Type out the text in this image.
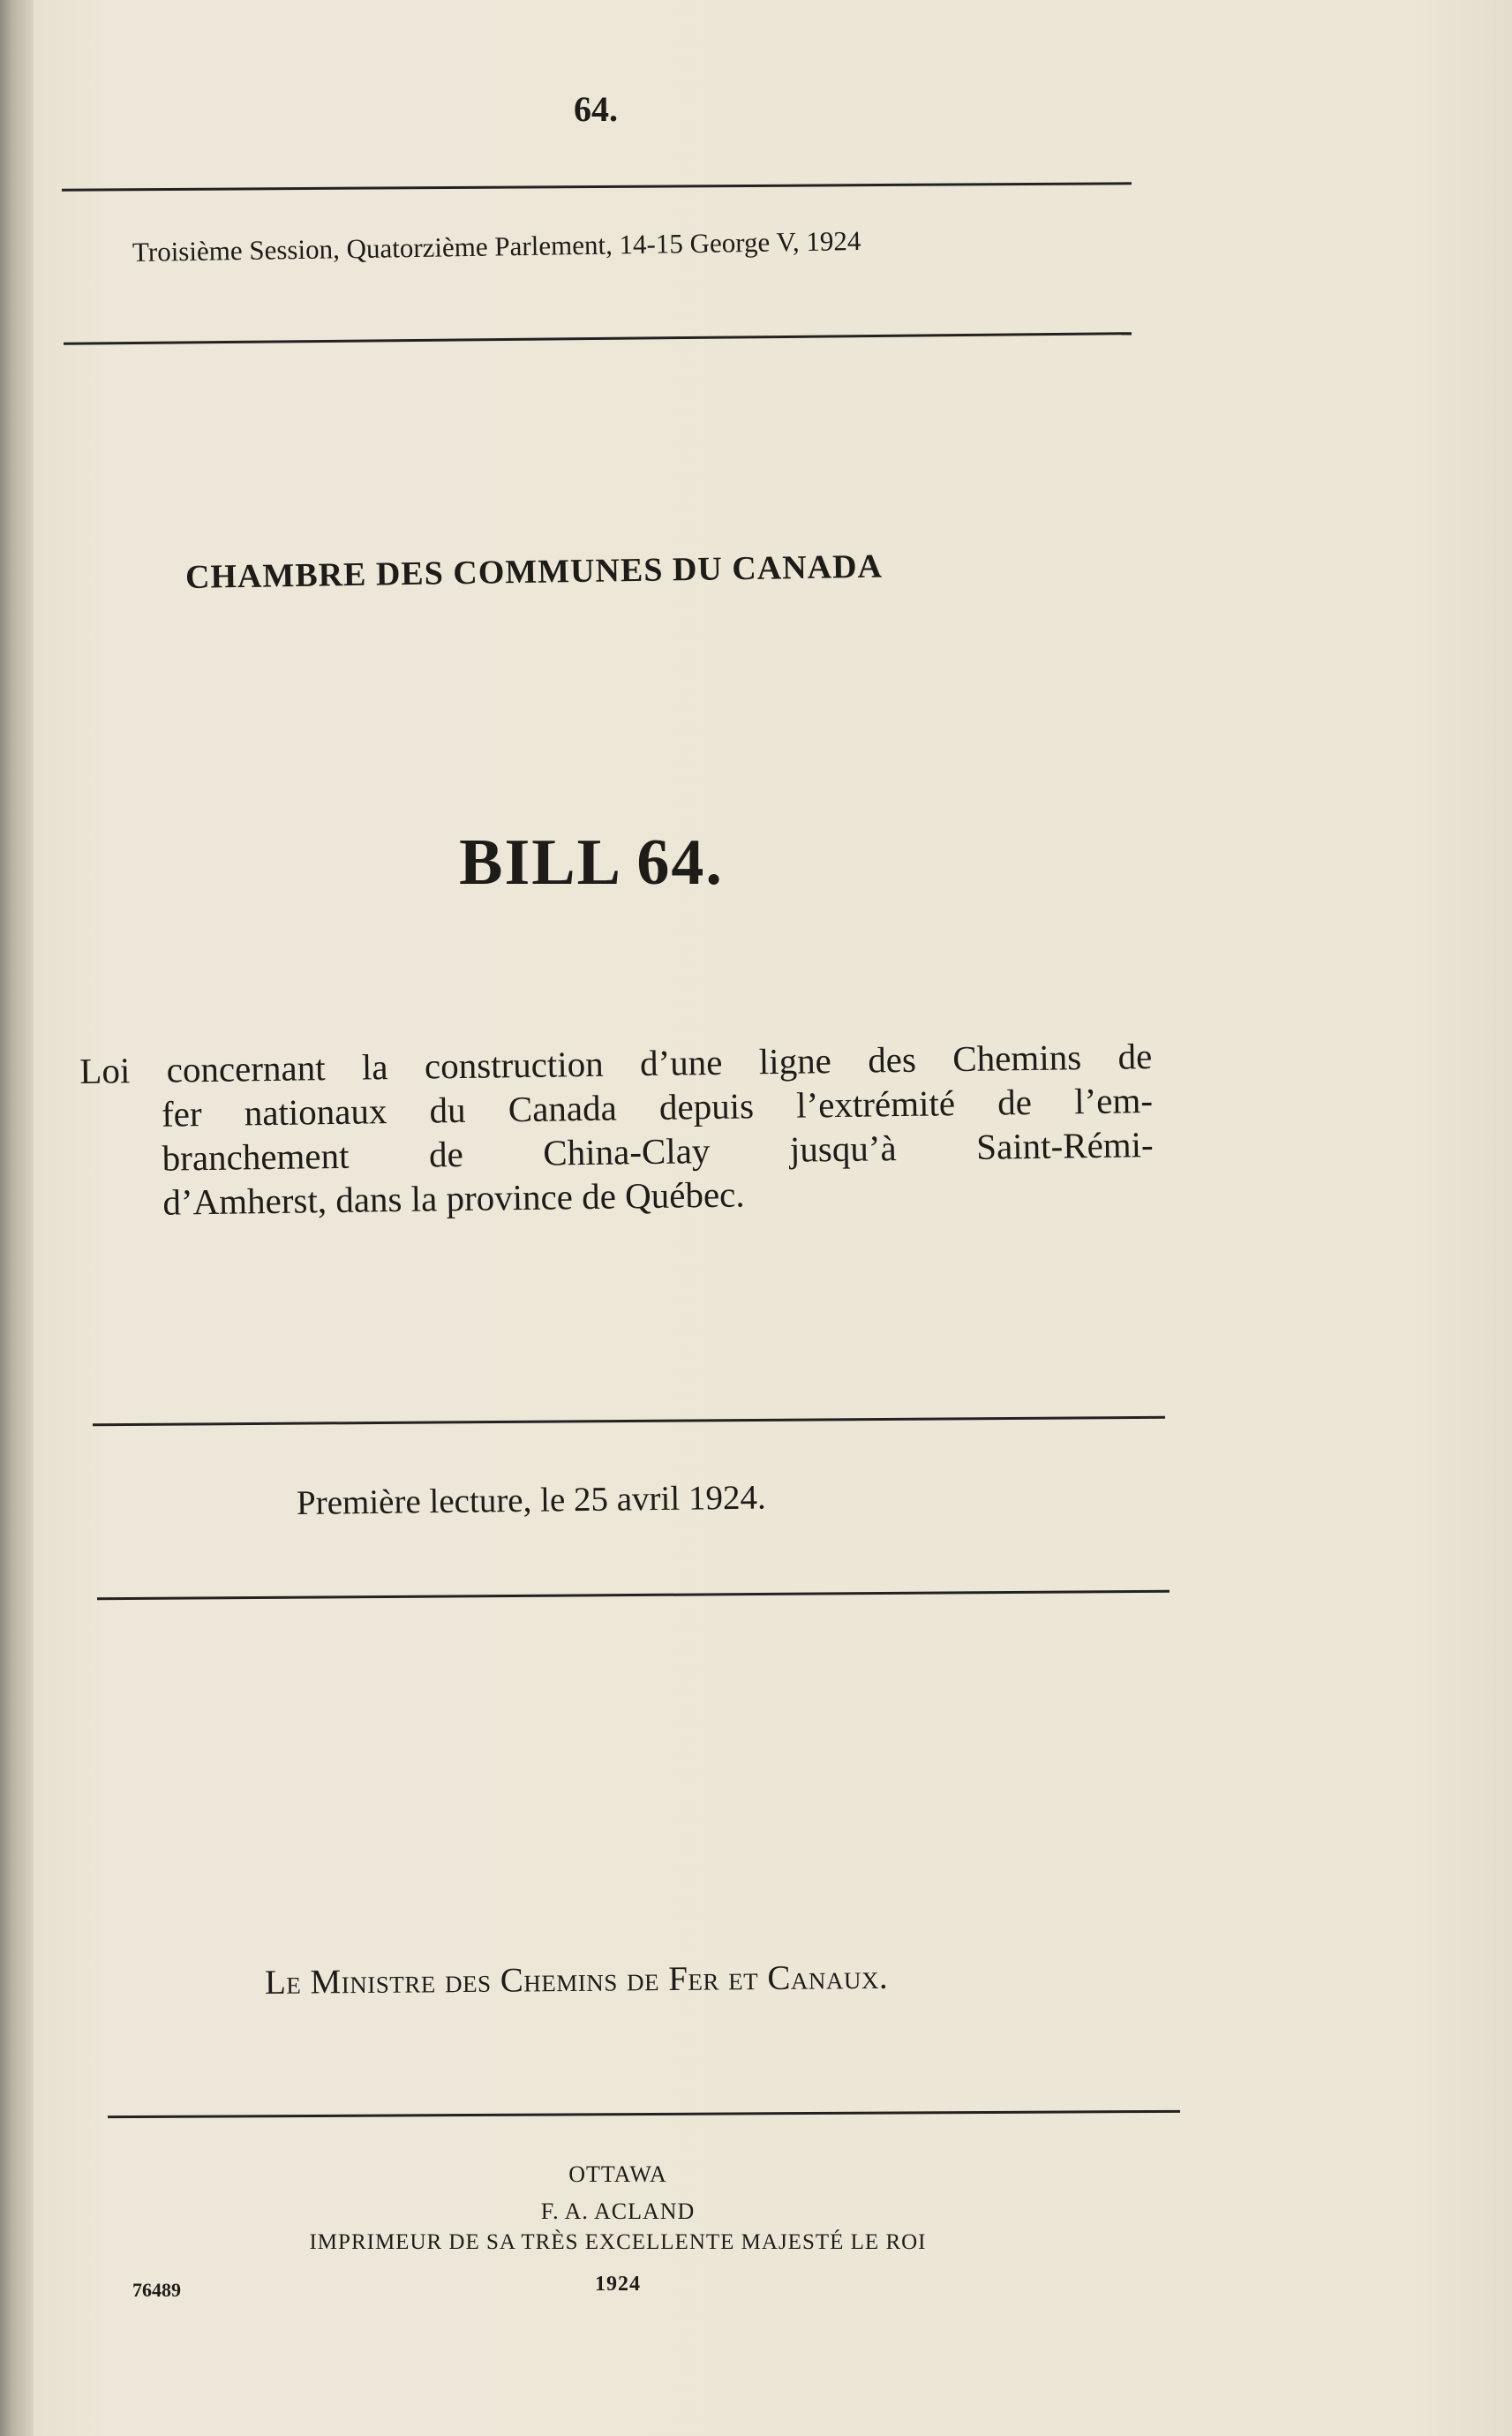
64.
Troisième Session, Quatorzième Parlement, 14-15 George V, 1924
CHAMBRE DES COMMUNES DU CANADA
BILL 64.
Loi concernant la construction d’une ligne des Chemins de
fer nationaux du Canada depuis l’extrémité de l’em-
branchement de China-Clay jusqu’à Saint-Rémi-
d’Amherst, dans la province de Québec.
Première lecture, le 25 avril 1924.
Le Ministre des Chemins de Fer et Canaux.
OTTAWA
F. A. ACLAND
IMPRIMEUR DE SA TRÈS EXCELLENTE MAJESTÉ LE ROI
1924
76489
